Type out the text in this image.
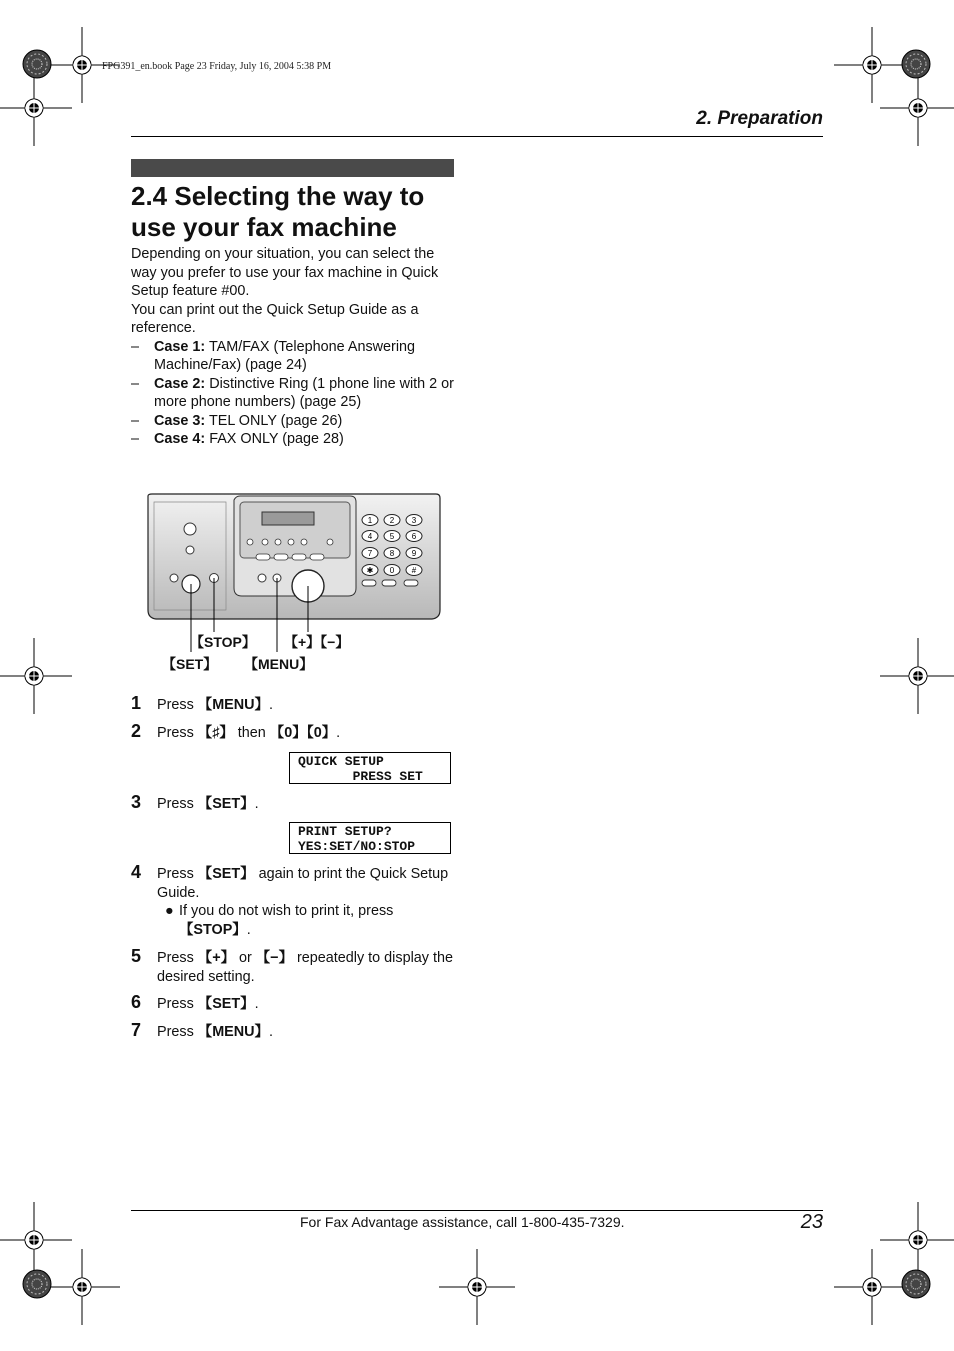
FPG391_en.book Page 23 Friday, July 16, 2004 5:38 PM
2. Preparation
2.4 Selecting the way to
use your fax machine

Depending on your situation, you can select the way you prefer to use your fax machine in Quick Setup feature #00.

You can print out the Quick Setup Guide as a reference.

– Case 1: TAM/FAX (Telephone Answering Machine/Fax) (page 24)
– Case 2: Distinctive Ring (1 phone line with 2 or more phone numbers) (page 25)
– Case 3: TEL ONLY (page 26)
– Case 4: FAX ONLY (page 28)
1 2 3
4 5 6
7 8 9
✱ 0 #
【STOP】 【+】【−】
【SET】 【MENU】
1 Press 【MENU】.
2 Press 【♯】 then 【0】【0】.
QUICK SETUP
PRESS SET
3 Press 【SET】.
PRINT SETUP?
YES:SET/NO:STOP
4 Press 【SET】 again to print the Quick Setup Guide.
● If you do not wish to print it, press 【STOP】.
5 Press 【+】 or 【−】 repeatedly to display the desired setting.
6 Press 【SET】.
7 Press 【MENU】.
For Fax Advantage assistance, call 1-800-435-7329.	23
